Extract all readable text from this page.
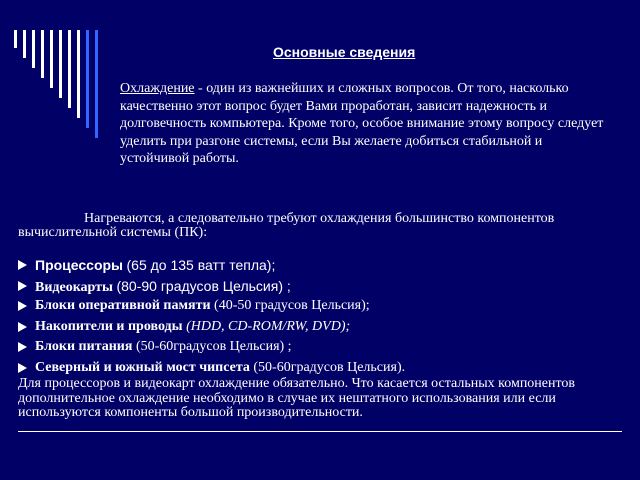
Основные сведения
Охлаждение - один из важнейших и сложных вопросов. От того, насколько качественно этот вопрос будет Вами проработан, зависит надежность и долговечность компьютера. Кроме того, особое внимание этому вопросу следует уделить при разгоне системы, если Вы желаете добиться стабильной и устойчивой работы.
Нагреваются, а следовательно требуют охлаждения большинство компонентов вычислительной системы (ПК):
Процессоры (65 до 135 ватт тепла);
Видеокарты (80-90 градусов Цельсия) ;
Блоки оперативной памяти (40-50 градусов Цельсия);
Накопители и проводы (HDD, CD-ROM/RW, DVD);
Блоки питания (50-60градусов Цельсия) ;
Северный и южный мост чипсета (50-60градусов Цельсия).
Для процессоров и видеокарт охлаждение обязательно. Что касается остальных компонентов дополнительное охлаждение необходимо в случае их нештатного использования или если используются компоненты большой производительности.
